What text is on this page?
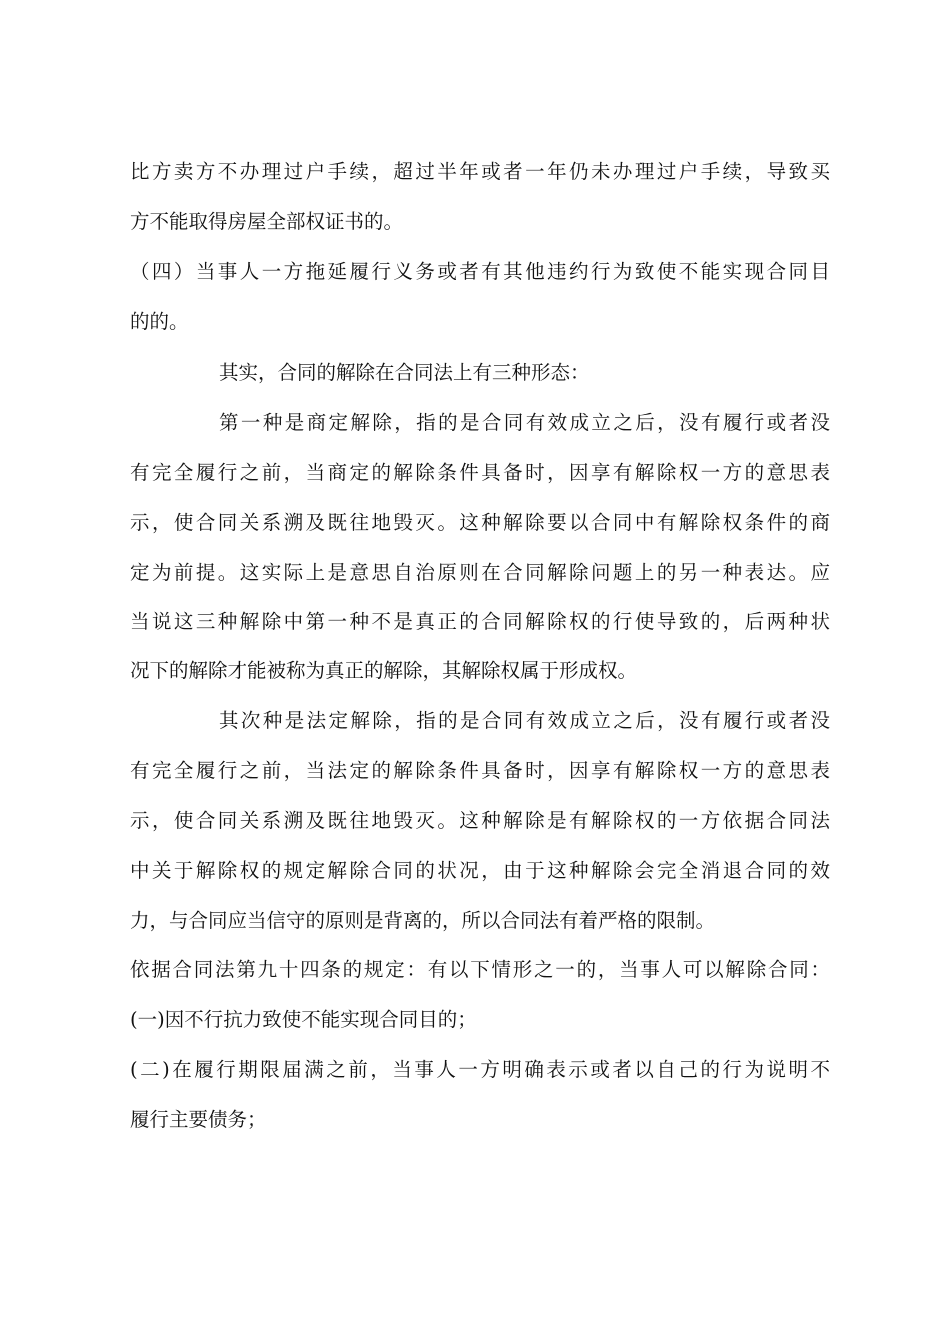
比方卖方不办理过户手续，超过半年或者一年仍未办理过户手续，导致买
方不能取得房屋全部权证书的。
（四）当事人一方拖延履行义务或者有其他违约行为致使不能实现合同目
的的。
其实，合同的解除在合同法上有三种形态：
第一种是商定解除，指的是合同有效成立之后，没有履行或者没
有完全履行之前，当商定的解除条件具备时，因享有解除权一方的意思表
示，使合同关系溯及既往地毁灭。这种解除要以合同中有解除权条件的商
定为前提。这实际上是意思自治原则在合同解除问题上的另一种表达。应
当说这三种解除中第一种不是真正的合同解除权的行使导致的，后两种状
况下的解除才能被称为真正的解除，其解除权属于形成权。
其次种是法定解除，指的是合同有效成立之后，没有履行或者没
有完全履行之前，当法定的解除条件具备时，因享有解除权一方的意思表
示，使合同关系溯及既往地毁灭。这种解除是有解除权的一方依据合同法
中关于解除权的规定解除合同的状况，由于这种解除会完全消退合同的效
力，与合同应当信守的原则是背离的，所以合同法有着严格的限制。
依据合同法第九十四条的规定：有以下情形之一的，当事人可以解除合同：
(一)因不行抗力致使不能实现合同目的；
(二)在履行期限届满之前，当事人一方明确表示或者以自己的行为说明不
履行主要债务；
